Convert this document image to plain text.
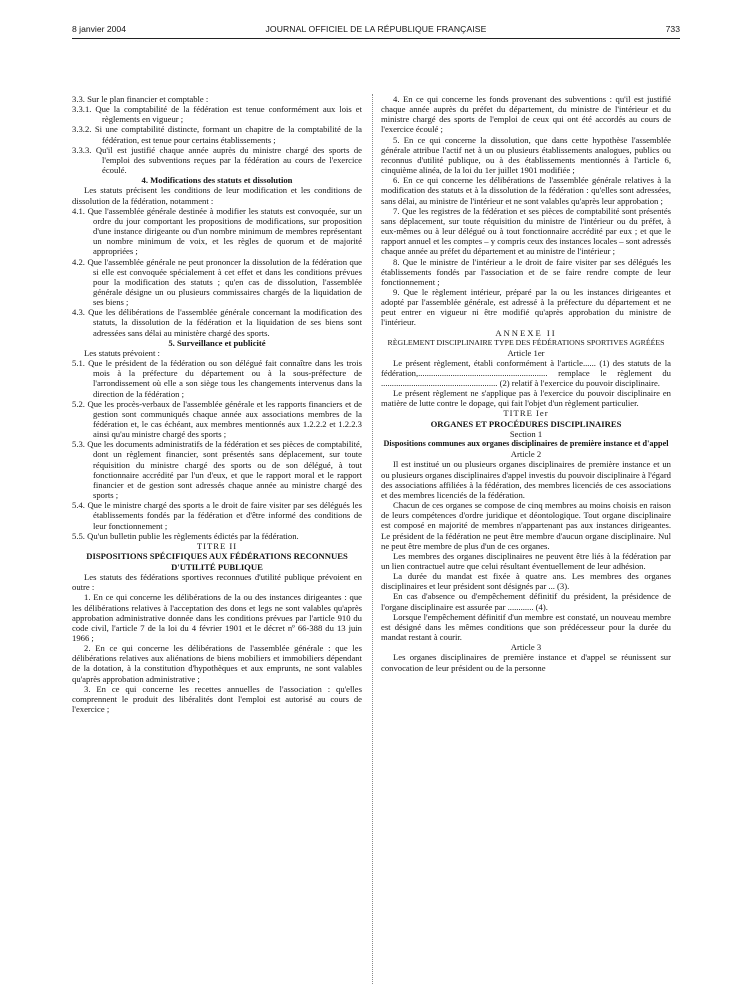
8 janvier 2004	JOURNAL OFFICIEL DE LA RÉPUBLIQUE FRANÇAISE	733

3.3. Sur le plan financier et comptable :

3.3.1. Que la comptabilité de la fédération est tenue conformément aux lois et règlements en vigueur ;

3.3.2. Si une comptabilité distincte, formant un chapitre de la comptabilité de la fédération, est tenue pour certains établissements ;

3.3.3. Qu'il est justifié chaque année auprès du ministre chargé des sports de l'emploi des subventions reçues par la fédération au cours de l'exercice écoulé.

4. Modifications des statuts et dissolution

Les statuts précisent les conditions de leur modification et les conditions de dissolution de la fédération, notamment :

4.1. Que l'assemblée générale destinée à modifier les statuts est convoquée, sur un ordre du jour comportant les propositions de modifications, sur proposition d'une instance dirigeante ou d'un nombre minimum de membres représentant un nombre minimum de voix, et les règles de quorum et de majorité appropriées ;

4.2. Que l'assemblée générale ne peut prononcer la dissolution de la fédération que si elle est convoquée spécialement à cet effet et dans les conditions prévues pour la modification des statuts ; qu'en cas de dissolution, l'assemblée générale désigne un ou plusieurs commissaires chargés de la liquidation de ses biens ;

4.3. Que les délibérations de l'assemblée générale concernant la modification des statuts, la dissolution de la fédération et la liquidation de ses biens sont adressées sans délai au ministère chargé des sports.

5. Surveillance et publicité

Les statuts prévoient :

5.1. Que le président de la fédération ou son délégué fait connaître dans les trois mois à la préfecture du département ou à la sous-préfecture de l'arrondissement où elle a son siège tous les changements intervenus dans la direction de la fédération ;

5.2. Que les procès-verbaux de l'assemblée générale et les rapports financiers et de gestion sont communiqués chaque année aux associations membres de la fédération et, le cas échéant, aux membres mentionnés aux 1.2.2.2 et 1.2.2.3 ainsi qu'au ministre chargé des sports ;

5.3. Que les documents administratifs de la fédération et ses pièces de comptabilité, dont un règlement financier, sont présentés sans déplacement, sur toute réquisition du ministre chargé des sports ou de son délégué, à tout fonctionnaire accrédité par l'un d'eux, et que le rapport moral et le rapport financier et de gestion sont adressés chaque année au ministre chargé des sports ;

5.4. Que le ministre chargé des sports a le droit de faire visiter par ses délégués les établissements fondés par la fédération et d'être informé des conditions de leur fonctionnement ;

5.5. Qu'un bulletin publie les règlements édictés par la fédération.

TITRE II

DISPOSITIONS SPÉCIFIQUES AUX FÉDÉRATIONS RECONNUES D'UTILITÉ PUBLIQUE

Les statuts des fédérations sportives reconnues d'utilité publique prévoient en outre :

1. En ce qui concerne les délibérations de la ou des instances dirigeantes : que les délibérations relatives à l'acceptation des dons et legs ne sont valables qu'après approbation administrative donnée dans les conditions prévues par l'article 910 du code civil, l'article 7 de la loi du 4 février 1901 et le décret nº 66-388 du 13 juin 1966 ;

2. En ce qui concerne les délibérations de l'assemblée générale : que les délibérations relatives aux aliénations de biens mobiliers et immobiliers dépendant de la dotation, à la constitution d'hypothèques et aux emprunts, ne sont valables qu'après approbation administrative ;

3. En ce qui concerne les recettes annuelles de l'association : qu'elles comprennent le produit des libéralités dont l'emploi est autorisé au cours de l'exercice ;

4. En ce qui concerne les fonds provenant des subventions : qu'il est justifié chaque année auprès du préfet du département, du ministre de l'intérieur et du ministre chargé des sports de l'emploi de ceux qui ont été accordés au cours de l'exercice écoulé ;

5. En ce qui concerne la dissolution, que dans cette hypothèse l'assemblée générale attribue l'actif net à un ou plusieurs établissements analogues, publics ou reconnus d'utilité publique, ou à des établissements mentionnés à l'article 6, cinquième alinéa, de la loi du 1er juillet 1901 modifiée ;

6. En ce qui concerne les délibérations de l'assemblée générale relatives à la modification des statuts et à la dissolution de la fédération : qu'elles sont adressées, sans délai, au ministre de l'intérieur et ne sont valables qu'après leur approbation ;

7. Que les registres de la fédération et ses pièces de comptabilité sont présentés sans déplacement, sur toute réquisition du ministre de l'intérieur ou du préfet, à eux-mêmes ou à leur délégué ou à tout fonctionnaire accrédité par eux ; et que le rapport annuel et les comptes – y compris ceux des instances locales – sont adressés chaque année au préfet du département et au ministre de l'intérieur ;

8. Que le ministre de l'intérieur a le droit de faire visiter par ses délégués les établissements fondés par l'association et de se faire rendre compte de leur fonctionnement ;

9. Que le règlement intérieur, préparé par la ou les instances dirigeantes et adopté par l'assemblée générale, est adressé à la préfecture du département et ne peut entrer en vigueur ni être modifié qu'après approbation du ministre de l'intérieur.

ANNEXE II

RÈGLEMENT DISCIPLINAIRE TYPE DES FÉDÉRATIONS SPORTIVES AGRÉÉES

Article 1er

Le présent règlement, établi conformément à l'article...... (1) des statuts de la fédération,............................................................ remplace le règlement du ...................................................... (2) relatif à l'exercice du pouvoir disciplinaire.

Le présent règlement ne s'applique pas à l'exercice du pouvoir disciplinaire en matière de lutte contre le dopage, qui fait l'objet d'un règlement particulier.

TITRE Ier

ORGANES ET PROCÉDURES DISCIPLINAIRES

Section 1

Dispositions communes aux organes disciplinaires de première instance et d'appel

Article 2

Il est institué un ou plusieurs organes disciplinaires de première instance et un ou plusieurs organes disciplinaires d'appel investis du pouvoir disciplinaire à l'égard des associations affiliées à la fédération, des membres licenciés de ces associations et des membres licenciés de la fédération.

Chacun de ces organes se compose de cinq membres au moins choisis en raison de leurs compétences d'ordre juridique et déontologique. Tout organe disciplinaire est composé en majorité de membres n'appartenant pas aux instances dirigeantes. Le président de la fédération ne peut être membre d'aucun organe disciplinaire. Nul ne peut être membre de plus d'un de ces organes.

Les membres des organes disciplinaires ne peuvent être liés à la fédération par un lien contractuel autre que celui résultant éventuellement de leur adhésion.

La durée du mandat est fixée à quatre ans. Les membres des organes disciplinaires et leur président sont désignés par ... (3).

En cas d'absence ou d'empêchement définitif du président, la présidence de l'organe disciplinaire est assurée par ............ (4).

Lorsque l'empêchement définitif d'un membre est constaté, un nouveau membre est désigné dans les mêmes conditions que son prédécesseur pour la durée du mandat restant à courir.

Article 3

Les organes disciplinaires de première instance et d'appel se réunissent sur convocation de leur président ou de la personne
